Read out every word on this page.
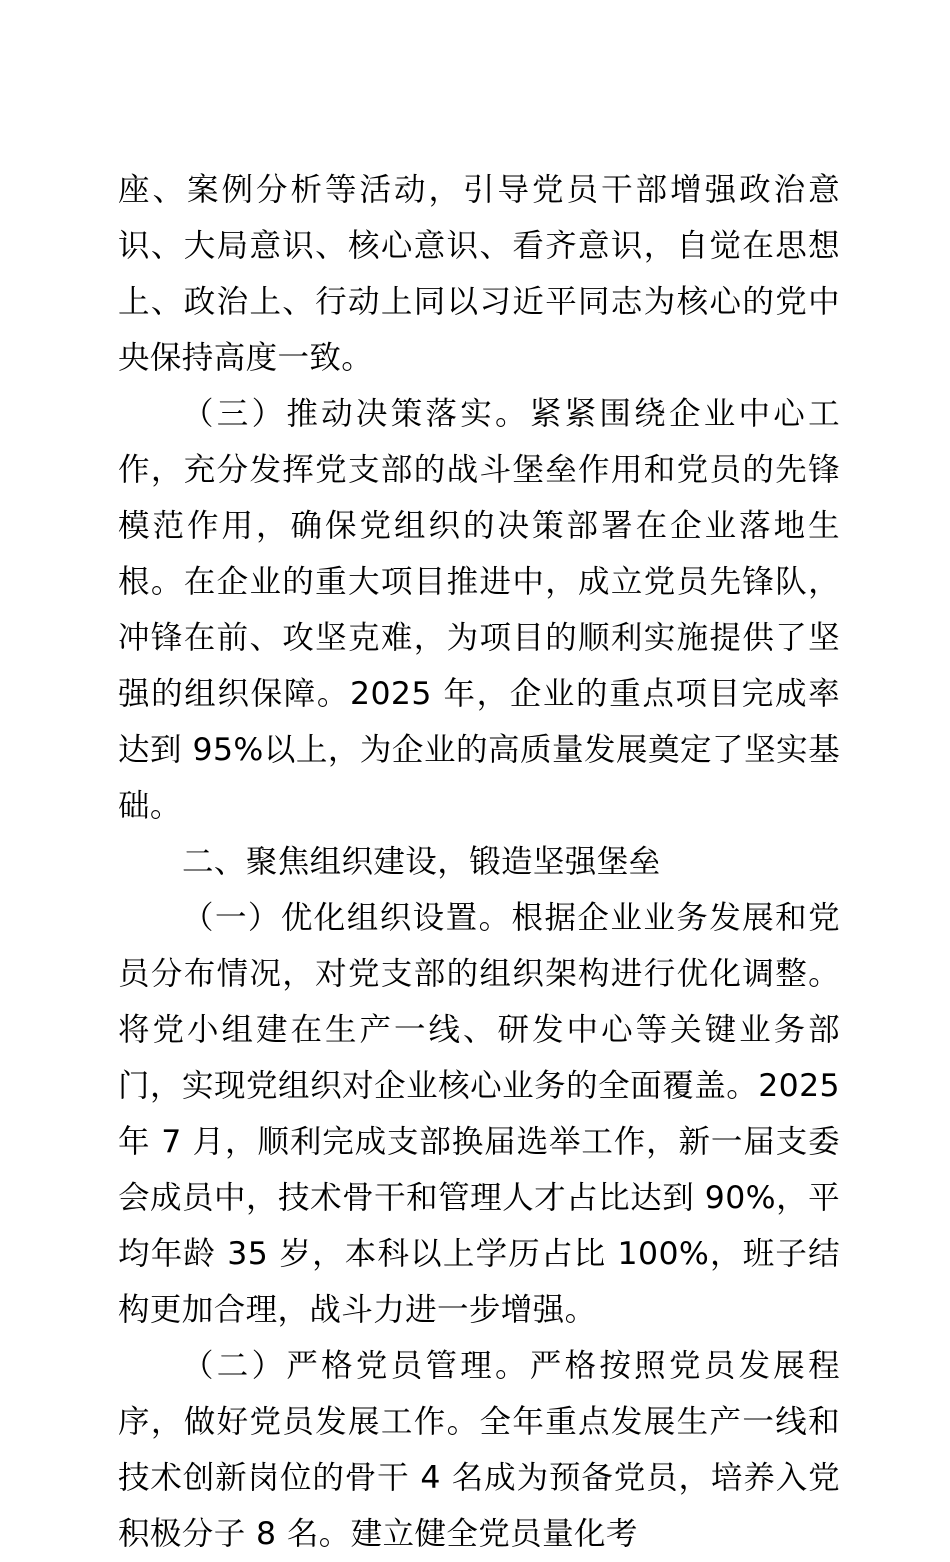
座、案例分析等活动，引导党员干部增强政治意识、大局意识、核心意识、看齐意识，自觉在思想上、政治上、行动上同以习近平同志为核心的党中央保持高度一致。

（三）推动决策落实。紧紧围绕企业中心工作，充分发挥党支部的战斗堡垒作用和党员的先锋模范作用，确保党组织的决策部署在企业落地生根。在企业的重大项目推进中，成立党员先锋队，冲锋在前、攻坚克难，为项目的顺利实施提供了坚强的组织保障。2025 年，企业的重点项目完成率达到 95%以上，为企业的高质量发展奠定了坚实基础。

二、聚焦组织建设，锻造坚强堡垒

（一）优化组织设置。根据企业业务发展和党员分布情况，对党支部的组织架构进行优化调整。将党小组建在生产一线、研发中心等关键业务部门，实现党组织对企业核心业务的全面覆盖。2025 年 7 月，顺利完成支部换届选举工作，新一届支委会成员中，技术骨干和管理人才占比达到 90%，平均年龄 35 岁，本科以上学历占比 100%，班子结构更加合理，战斗力进一步增强。

（二）严格党员管理。严格按照党员发展程序，做好党员发展工作。全年重点发展生产一线和技术创新岗位的骨干 4 名成为预备党员，培养入党积极分子 8 名。建立健全党员量化考
